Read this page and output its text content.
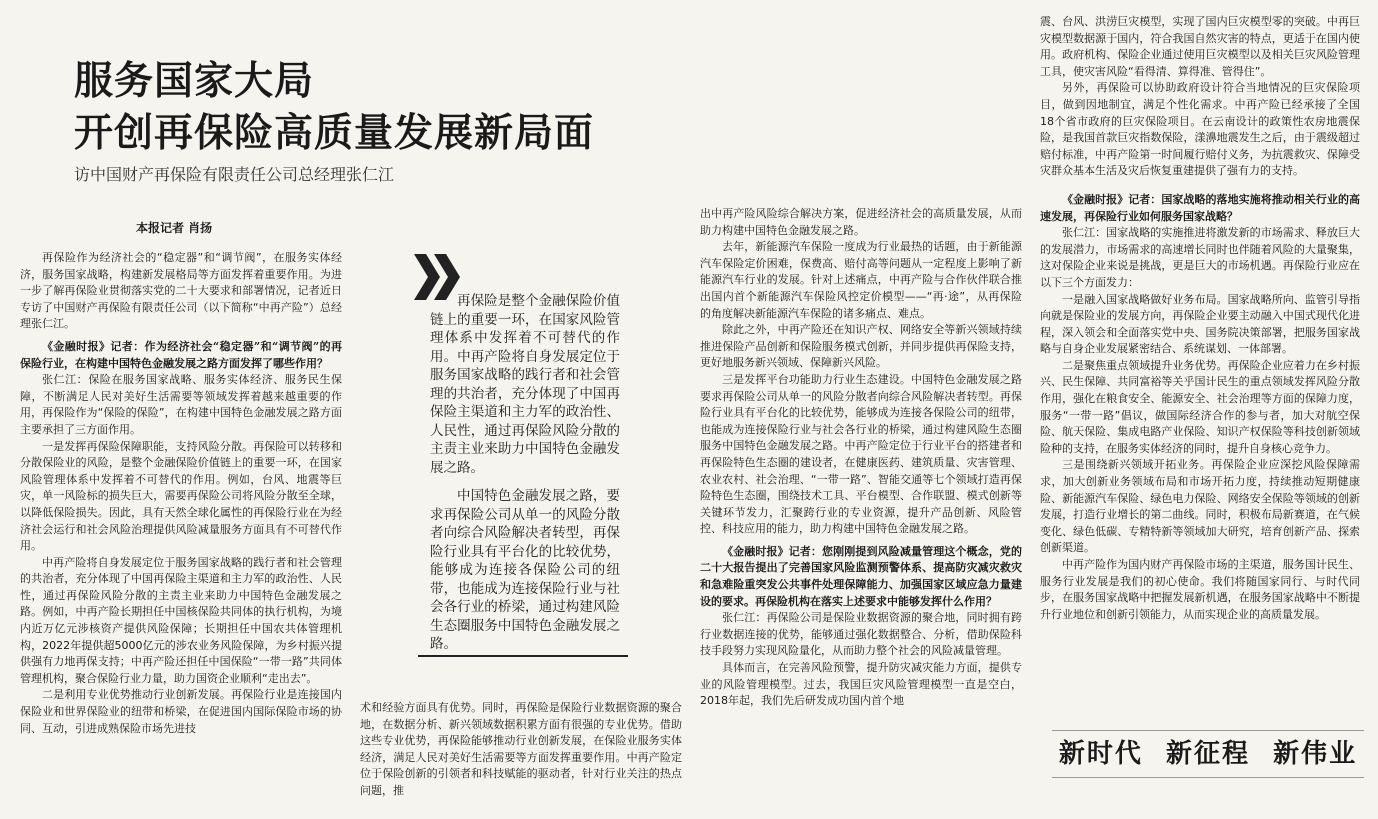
服务国家大局
开创再保险高质量发展新局面
访中国财产再保险有限责任公司总经理张仁江
本报记者 肖扬

再保险作为经济社会的“稳定器”和“调节阀”，在服务实体经济，服务国家战略，构建新发展格局等方面发挥着重要作用。为进一步了解再保险业贯彻落实党的二十大要求和部署情况，记者近日专访了中国财产再保险有限责任公司（以下简称“中再产险”）总经理张仁江。

《金融时报》记者：作为经济社会“稳定器”和“调节阀”的再保险行业，在构建中国特色金融发展之路方面发挥了哪些作用？

张仁江：保险在服务国家战略、服务实体经济、服务民生保障，不断满足人民对美好生活需要等领域发挥着越来越重要的作用，再保险作为“保险的保险”，在构建中国特色金融发展之路方面主要承担了三方面作用。

一是发挥再保险保障职能，支持风险分散。再保险可以转移和分散保险业的风险，是整个金融保险价值链上的重要一环，在国家风险管理体系中发挥着不可替代的作用。例如，台风、地震等巨灾，单一风险标的损失巨大，需要再保险公司将风险分散至全球，以降低保险损失。因此，具有天然全球化属性的再保险行业在为经济社会运行和社会风险治理提供风险减量服务方面具有不可替代作用。

中再产险将自身发展定位于服务国家战略的践行者和社会管理的共治者，充分体现了中国再保险主渠道和主力军的政治性、人民性，通过再保险风险分散的主责主业来助力中国特色金融发展之路。例如，中再产险长期担任中国核保险共同体的执行机构，为境内近万亿元涉核资产提供风险保障；长期担任中国农共体管理机构，2022年提供超5000亿元的涉农业务风险保障，为乡村振兴提供强有力地再保支持；中再产险还担任中国保险“一带一路”共同体管理机构，聚合保险行业力量，助力国资企业顺利“走出去”。

二是利用专业优势推动行业创新发展。再保险行业是连接国内保险业和世界保险业的纽带和桥梁，在促进国内国际保险市场的协同、互动，引进成熟保险市场先进技

再保险是整个金融保险价值链上的重要一环，在国家风险管理体系中发挥着不可替代的作用。中再产险将自身发展定位于服务国家战略的践行者和社会管理的共治者，充分体现了中国再保险主渠道和主力军的政治性、人民性，通过再保险风险分散的主责主业来助力中国特色金融发展之路。

中国特色金融发展之路，要求再保险公司从单一的风险分散者向综合风险解决者转型，再保险行业具有平台化的比较优势，能够成为连接各保险公司的纽带，也能成为连接保险行业与社会各行业的桥梁，通过构建风险生态圈服务中国特色金融发展之路。

术和经验方面具有优势。同时，再保险是保险行业数据资源的聚合地，在数据分析、新兴领域数据积累方面有很强的专业优势。借助这些专业优势，再保险能够推动行业创新发展，在保险业服务实体经济，满足人民对美好生活需要等方面发挥重要作用。中再产险定位于保险创新的引领者和科技赋能的驱动者，针对行业关注的热点问题，推

出中再产险风险综合解决方案，促进经济社会的高质量发展，从而助力构建中国特色金融发展之路。

去年，新能源汽车保险一度成为行业最热的话题，由于新能源汽车保险定价困难，保费高、赔付高等问题从一定程度上影响了新能源汽车行业的发展。针对上述痛点，中再产险与合作伙伴联合推出国内首个新能源汽车保险风控定价模型——“再·途”，从再保险的角度解决新能源汽车保险的诸多痛点、难点。

除此之外，中再产险还在知识产权、网络安全等新兴领域持续推进保险产品创新和保险服务模式创新，并同步提供再保险支持，更好地服务新兴领域、保障新兴风险。

三是发挥平台功能助力行业生态建设。中国特色金融发展之路要求再保险公司从单一的风险分散者向综合风险解决者转型。再保险行业具有平台化的比较优势，能够成为连接各保险公司的纽带，也能成为连接保险行业与社会各行业的桥梁，通过构建风险生态圈服务中国特色金融发展之路。中再产险定位于行业平台的搭建者和再保险特色生态圈的建设者，在健康医药、建筑质量、灾害管理、农业农村、社会治理、“一带一路”、智能交通等七个领域打造再保险特色生态圈，围绕技术工具、平台模型、合作联盟、模式创新等关键环节发力，汇聚跨行业的专业资源，提升产品创新、风险管控、科技应用的能力，助力构建中国特色金融发展之路。

《金融时报》记者：您刚刚提到风险减量管理这个概念，党的二十大报告提出了完善国家风险监测预警体系、提高防灾减灾救灾和急难险重突发公共事件处理保障能力、加强国家区域应急力量建设的要求。再保险机构在落实上述要求中能够发挥什么作用？

张仁江：再保险公司是保险业数据资源的聚合地，同时拥有跨行业数据连接的优势，能够通过强化数据整合、分析，借助保险科技手段努力实现风险量化，从而助力整个社会的风险减量管理。

具体而言，在完善风险预警，提升防灾减灾能力方面，提供专业的风险管理模型。过去，我国巨灾风险管理模型一直是空白，2018年起，我们先后研发成功国内首个地

震、台风、洪涝巨灾模型，实现了国内巨灾模型零的突破。中再巨灾模型数据源于国内，符合我国自然灾害的特点，更适于在国内使用。政府机构、保险企业通过使用巨灾模型以及相关巨灾风险管理工具，使灾害风险“看得清、算得准、管得住”。

另外，再保险可以协助政府设计符合当地情况的巨灾保险项目，做到因地制宜，满足个性化需求。中再产险已经承接了全国18个省市政府的巨灾保险项目。在云南设计的政策性农房地震保险，是我国首款巨灾指数保险，漾濞地震发生之后，由于震级超过赔付标准，中再产险第一时间履行赔付义务，为抗震救灾、保障受灾群众基本生活及灾后恢复重建提供了强有力的支持。

《金融时报》记者：国家战略的落地实施将推动相关行业的高速发展，再保险行业如何服务国家战略？

张仁江：国家战略的实施推进将激发新的市场需求、释放巨大的发展潜力，市场需求的高速增长同时也伴随着风险的大量聚集，这对保险企业来说是挑战，更是巨大的市场机遇。再保险行业应在以下三个方面发力：

一是融入国家战略做好业务布局。国家战略所向、监管引导指向就是保险业的发展方向，再保险企业要主动融入中国式现代化进程，深入领会和全面落实党中央、国务院决策部署，把服务国家战略与自身企业发展紧密结合、系统谋划、一体部署。

二是聚焦重点领域提升业务优势。再保险企业应着力在乡村振兴、民生保障、共同富裕等关乎国计民生的重点领域发挥风险分散作用，强化在粮食安全、能源安全、社会治理等方面的保障力度，服务“一带一路”倡议，做国际经济合作的参与者，加大对航空保险、航天保险、集成电路产业保险、知识产权保险等科技创新领域险种的支持，在服务实体经济的同时，提升自身核心竞争力。

三是围绕新兴领域开拓业务。再保险企业应深挖风险保障需求，加大创新业务领域布局和市场开拓力度，持续推动短期健康险、新能源汽车保险、绿色电力保险、网络安全保险等领域的创新发展，打造行业增长的第二曲线。同时，积极布局新赛道，在气候变化、绿色低碳、专精特新等领域加大研究，培育创新产品、探索创新渠道。

中再产险作为国内财产再保险市场的主渠道，服务国计民生、服务行业发展是我们的初心使命。我们将随国家同行、与时代同步，在服务国家战略中把握发展新机遇，在服务国家战略中不断提升行业地位和创新引领能力，从而实现企业的高质量发展。

新时代 新征程 新伟业
